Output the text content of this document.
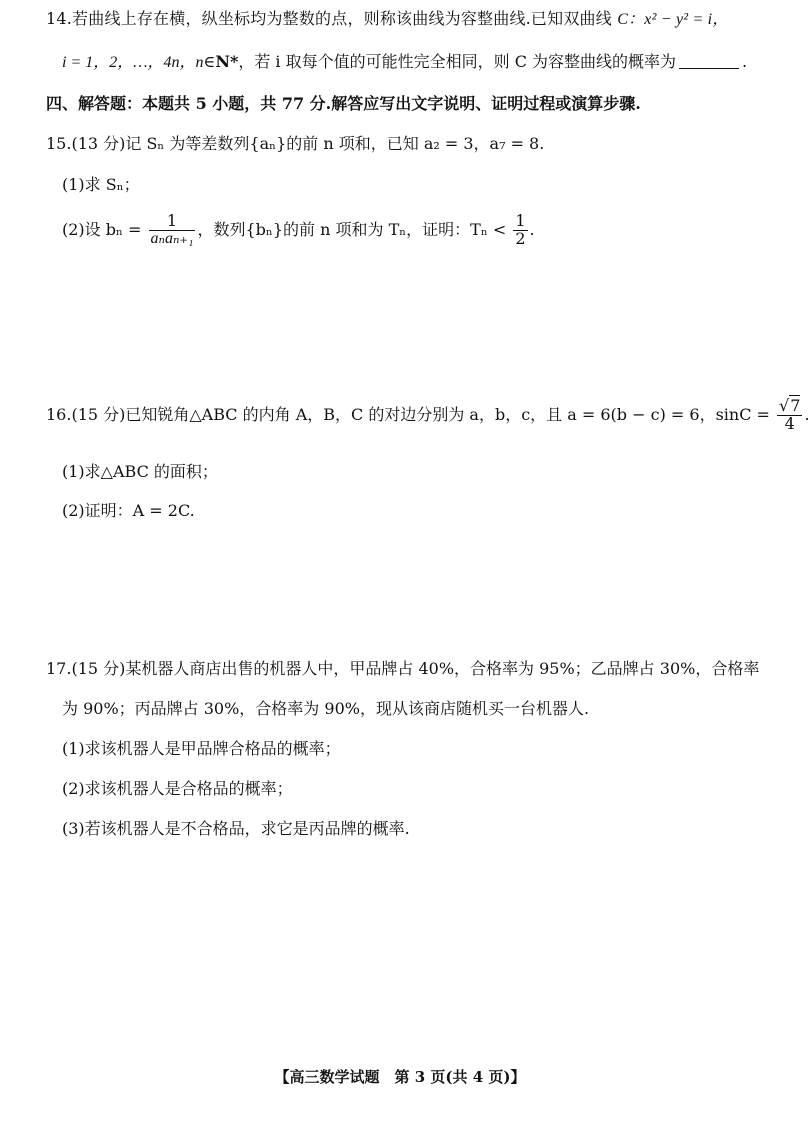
14.若曲线上存在横，纵坐标均为整数的点，则称该曲线为容整曲线.已知双曲线 C：x² − y² = i，
i = 1，2，…，4n，n∈N*，若 i 取每个值的可能性完全相同，则 C 为容整曲线的概率为	.
四、解答题：本题共 5 小题，共 77 分.解答应写出文字说明、证明过程或演算步骤.
15.(13 分)记 Sₙ 为等差数列{aₙ}的前 n 项和，已知 a₂ = 3，a₇ = 8.
(1)求 Sₙ；
(2)设 $b_n = \frac{1}{\text{aₙaₙ₊₁}}$ ，数列{bₙ}的前 n 项和为 Tₙ，证明：$T_n < \frac{1}{2}$ .
16.(15 分)已知锐角△ABC 的内角 A，B，C 的对边分别为 a，b，c，且 a = 6(b − c) = 6，$\sin C = \frac{√7}{4}$ .
(1)求△ABC 的面积；
(2)证明：A = 2C.
17.(15 分)某机器人商店出售的机器人中，甲品牌占 40%，合格率为 95%；乙品牌占 30%，合格率
为 90%；丙品牌占 30%，合格率为 90%，现从该商店随机买一台机器人.
(1)求该机器人是甲品牌合格品的概率；
(2)求该机器人是合格品的概率；
(3)若该机器人是不合格品，求它是丙品牌的概率.
【高三数学试题　第 3 页(共 4 页)】
